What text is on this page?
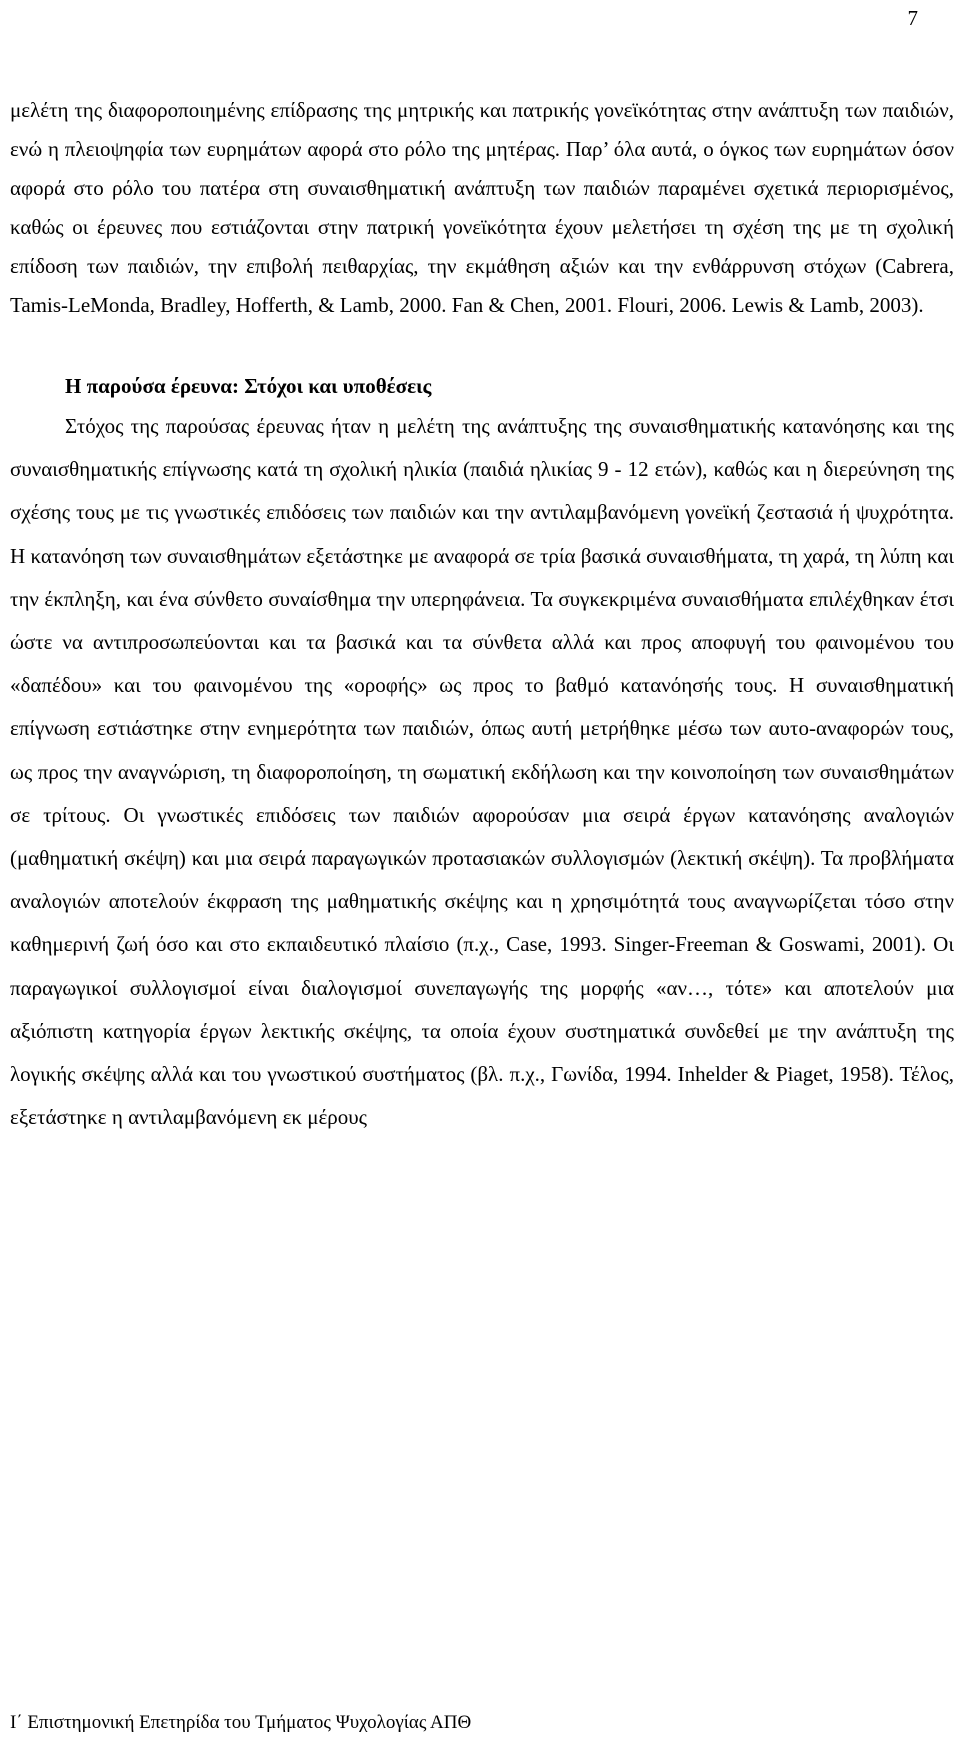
7

μελέτη της διαφοροποιημένης επίδρασης της μητρικής και πατρικής γονεϊκότητας στην ανάπτυξη των παιδιών, ενώ η πλειοψηφία των ευρημάτων αφορά στο ρόλο της μητέρας. Παρ’ όλα αυτά, ο όγκος των ευρημάτων όσον αφορά στο ρόλο του πατέρα στη συναισθηματική ανάπτυξη των παιδιών παραμένει σχετικά περιορισμένος, καθώς οι έρευνες που εστιάζονται στην πατρική γονεϊκότητα έχουν μελετήσει τη σχέση της με τη σχολική επίδοση των παιδιών, την επιβολή πειθαρχίας, την εκμάθηση αξιών και την ενθάρρυνση στόχων (Cabrera, Tamis-LeMonda, Bradley, Hofferth, & Lamb, 2000. Fan & Chen, 2001. Flouri, 2006. Lewis & Lamb, 2003).

Η παρούσα έρευνα: Στόχοι και υποθέσεις

Στόχος της παρούσας έρευνας ήταν η μελέτη της ανάπτυξης της συναισθηματικής κατανόησης και της συναισθηματικής επίγνωσης κατά τη σχολική ηλικία (παιδιά ηλικίας 9 - 12 ετών), καθώς και η διερεύνηση της σχέσης τους με τις γνωστικές επιδόσεις των παιδιών και την αντιλαμβανόμενη γονεϊκή ζεστασιά ή ψυχρότητα. Η κατανόηση των συναισθημάτων εξετάστηκε με αναφορά σε τρία βασικά συναισθήματα, τη χαρά, τη λύπη και την έκπληξη, και ένα σύνθετο συναίσθημα την υπερηφάνεια. Τα συγκεκριμένα συναισθήματα επιλέχθηκαν έτσι ώστε να αντιπροσωπεύονται και τα βασικά και τα σύνθετα αλλά και προς αποφυγή του φαινομένου του «δαπέδου» και του φαινομένου της «οροφής» ως προς το βαθμό κατανόησής τους. Η συναισθηματική επίγνωση εστιάστηκε στην ενημερότητα των παιδιών, όπως αυτή μετρήθηκε μέσω των αυτο-αναφορών τους, ως προς την αναγνώριση, τη διαφοροποίηση, τη σωματική εκδήλωση και την κοινοποίηση των συναισθημάτων σε τρίτους. Οι γνωστικές επιδόσεις των παιδιών αφορούσαν μια σειρά έργων κατανόησης αναλογιών (μαθηματική σκέψη) και μια σειρά παραγωγικών προτασιακών συλλογισμών (λεκτική σκέψη). Τα προβλήματα αναλογιών αποτελούν έκφραση της μαθηματικής σκέψης και η χρησιμότητά τους αναγνωρίζεται τόσο στην καθημερινή ζωή όσο και στο εκπαιδευτικό πλαίσιο (π.χ., Case, 1993. Singer-Freeman & Goswami, 2001). Οι παραγωγικοί συλλογισμοί είναι διαλογισμοί συνεπαγωγής της μορφής «αν…, τότε» και αποτελούν μια αξιόπιστη κατηγορία έργων λεκτικής σκέψης, τα οποία έχουν συστηματικά συνδεθεί με την ανάπτυξη της λογικής σκέψης αλλά και του γνωστικού συστήματος (βλ. π.χ., Γωνίδα, 1994. Inhelder & Piaget, 1958). Τέλος, εξετάστηκε η αντιλαμβανόμενη εκ μέρους

Ι΄ Επιστημονική Επετηρίδα του Τμήματος Ψυχολογίας ΑΠΘ
